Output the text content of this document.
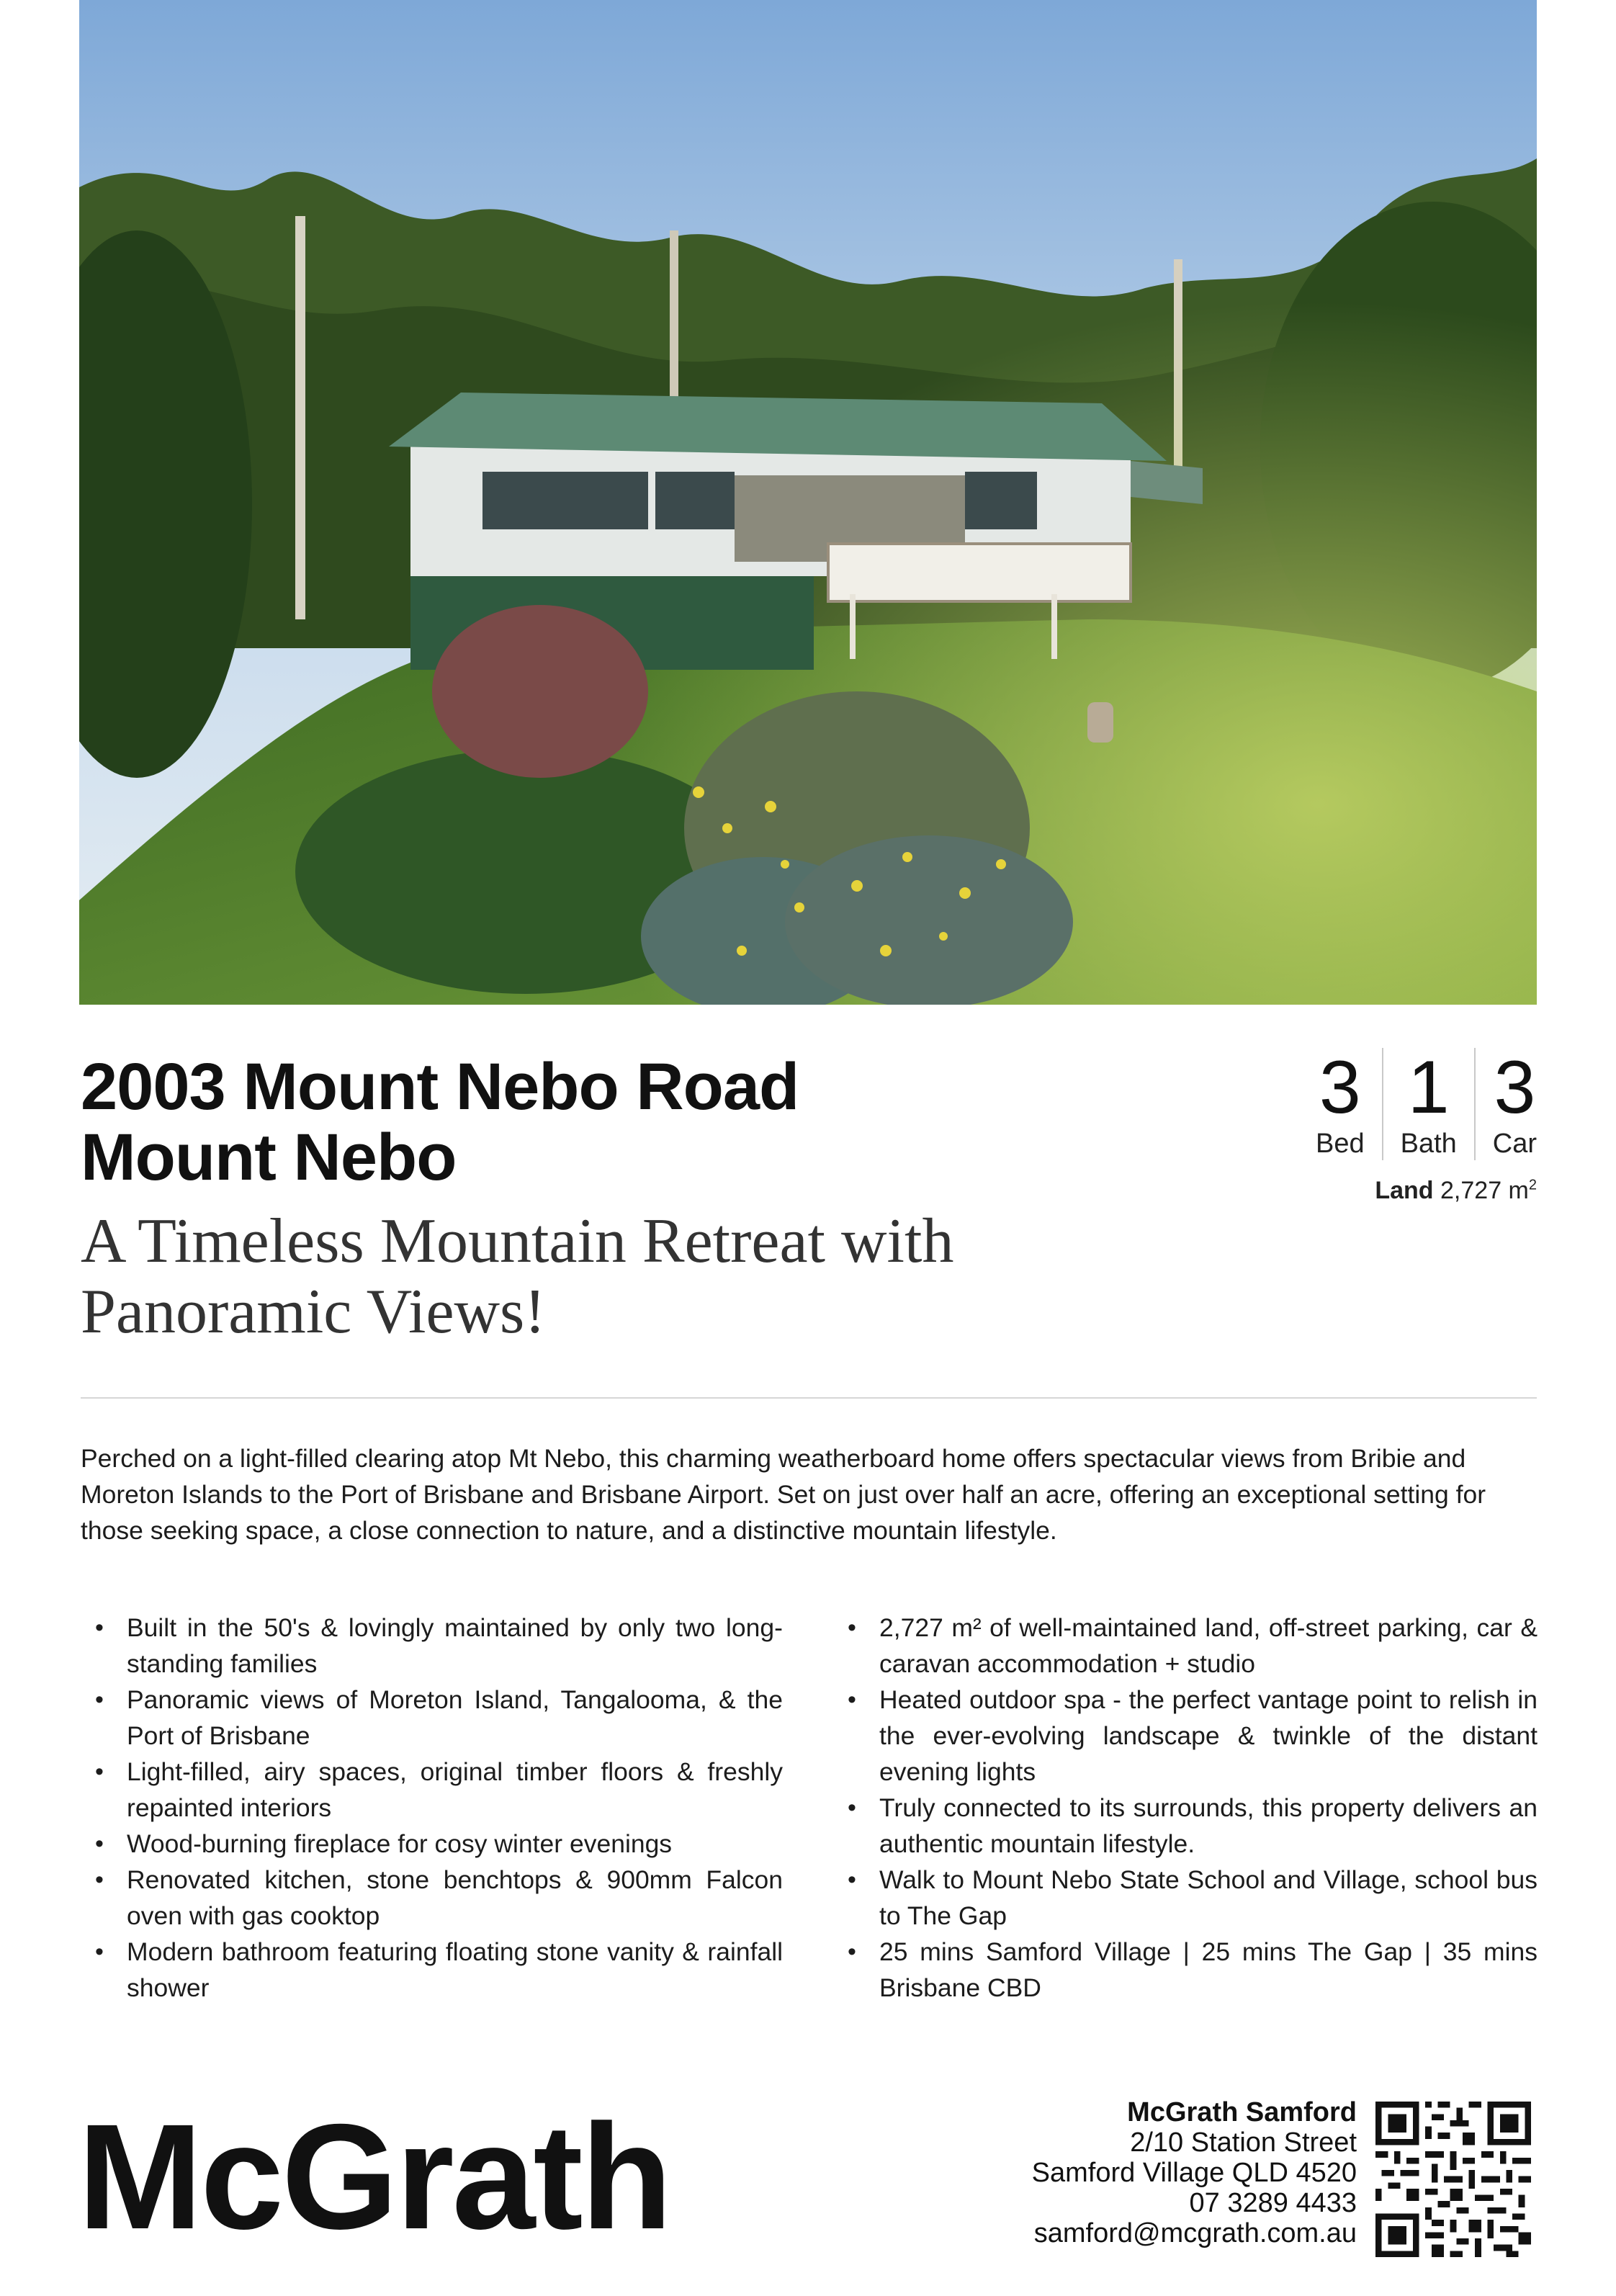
2003 Mount Nebo Road
Mount Nebo
A Timeless Mountain Retreat with
Panoramic Views!
3
Bed
1
Bath
3
Car
Land 2,727 $m^2$

Perched on a light-filled clearing atop Mt Nebo, this charming weatherboard home offers spectacular views from Bribie and Moreton Islands to the Port of Brisbane and Brisbane Airport. Set on just over half an acre, offering an exceptional setting for those seeking space, a close connection to nature, and a distinctive mountain lifestyle.

• Built in the 50's & lovingly maintained by only two long-standing families
• Panoramic views of Moreton Island, Tangalooma, & the Port of Brisbane
• Light-filled, airy spaces, original timber floors & freshly repainted interiors
• Wood-burning fireplace for cosy winter evenings
• Renovated kitchen, stone benchtops & 900mm Falcon oven with gas cooktop
• Modern bathroom featuring floating stone vanity & rainfall shower
• 2,727 m² of well-maintained land, off-street parking, car & caravan accommodation + studio
• Heated outdoor spa - the perfect vantage point to relish in the ever-evolving landscape & twinkle of the distant evening lights
• Truly connected to its surrounds, this property delivers an authentic mountain lifestyle.
• Walk to Mount Nebo State School and Village, school bus to The Gap
• 25 mins Samford Village | 25 mins The Gap | 35 mins Brisbane CBD
McGrath	McGrath Samford
2/10 Station Street
Samford Village QLD 4520
07 3289 4433
samford@mcgrath.com.au
